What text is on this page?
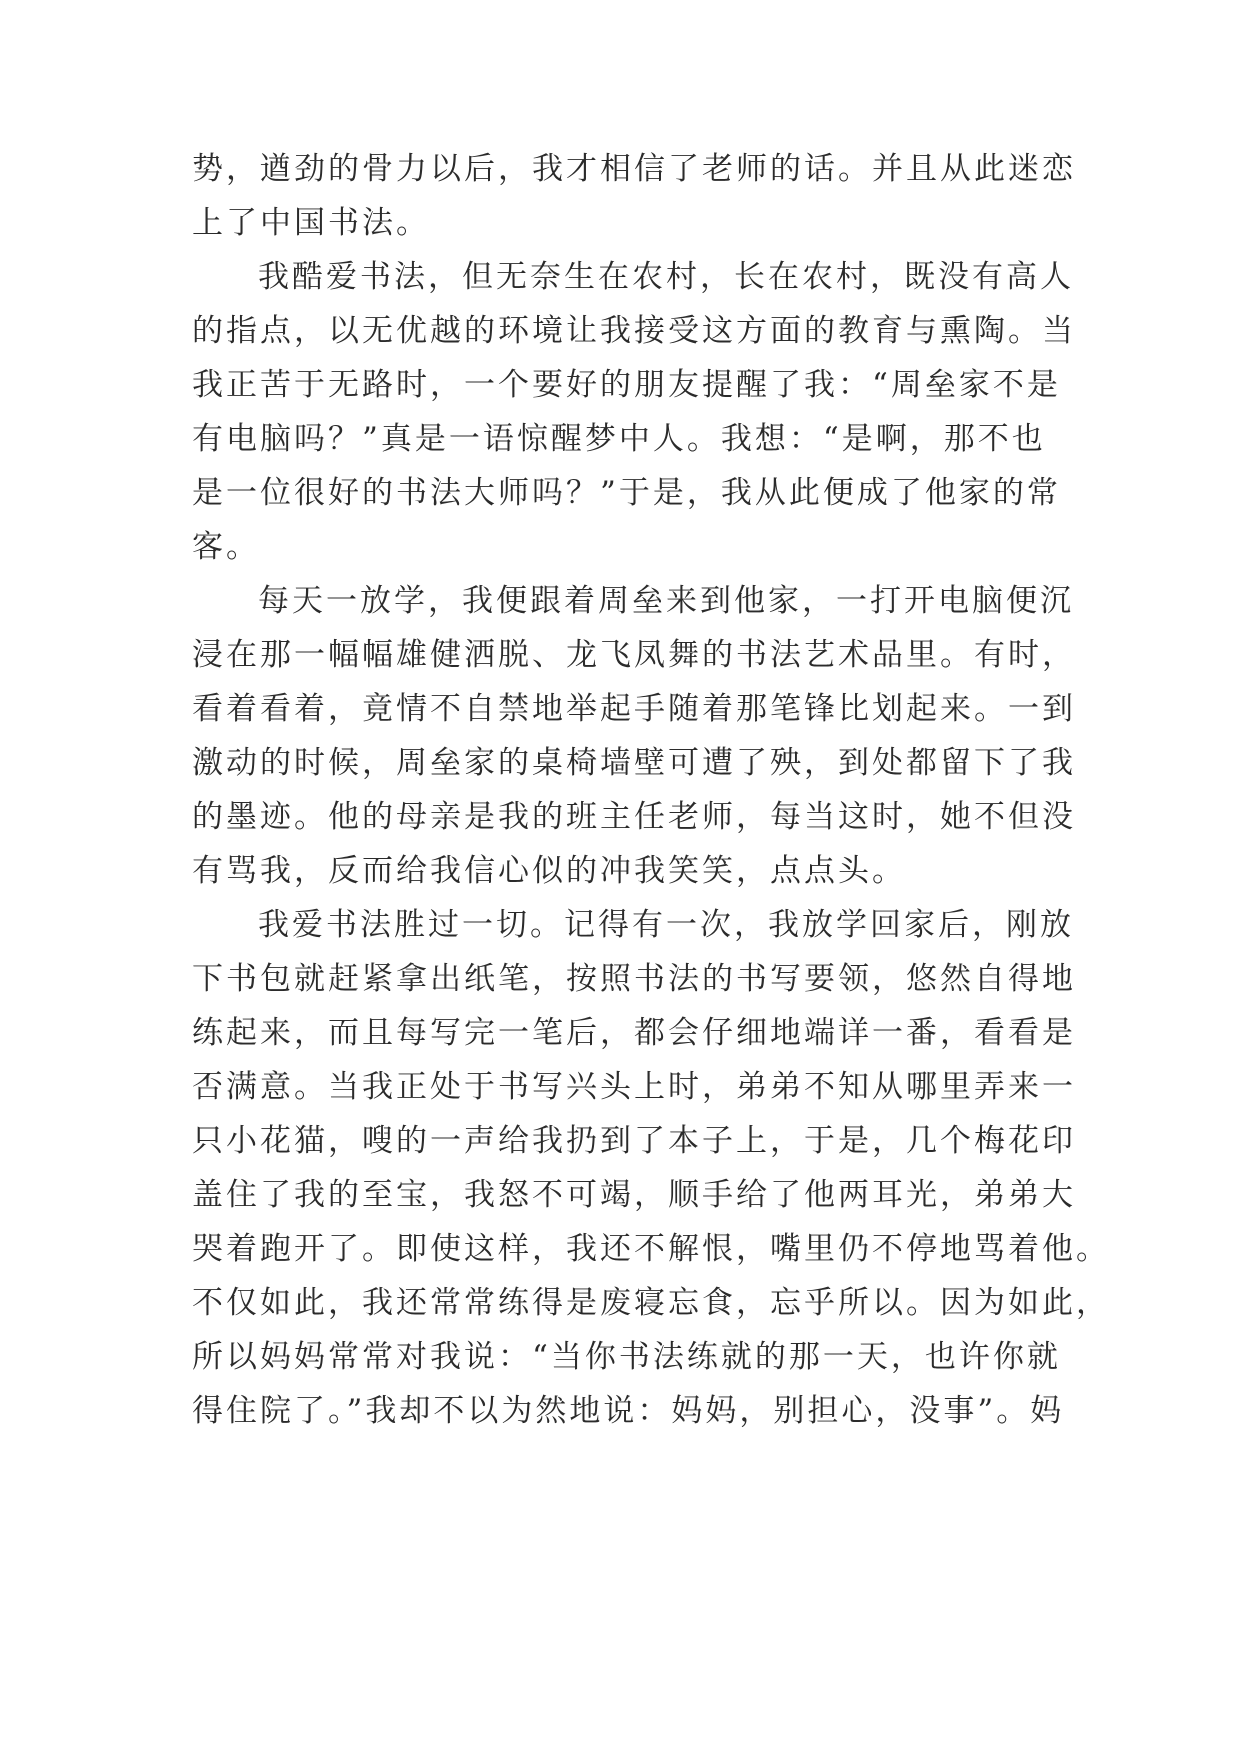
势，遒劲的骨力以后，我才相信了老师的话。并且从此迷恋
上了中国书法。
我酷爱书法，但无奈生在农村，长在农村，既没有高人
的指点，以无优越的环境让我接受这方面的教育与熏陶。当
我正苦于无路时，一个要好的朋友提醒了我：“周垒家不是
有电脑吗？”真是一语惊醒梦中人。我想：“是啊，那不也
是一位很好的书法大师吗？”于是，我从此便成了他家的常
客。
每天一放学，我便跟着周垒来到他家，一打开电脑便沉
浸在那一幅幅雄健洒脱、龙飞凤舞的书法艺术品里。有时，
看着看着，竟情不自禁地举起手随着那笔锋比划起来。一到
激动的时候，周垒家的桌椅墙壁可遭了殃，到处都留下了我
的墨迹。他的母亲是我的班主任老师，每当这时，她不但没
有骂我，反而给我信心似的冲我笑笑，点点头。
我爱书法胜过一切。记得有一次，我放学回家后，刚放
下书包就赶紧拿出纸笔，按照书法的书写要领，悠然自得地
练起来，而且每写完一笔后，都会仔细地端详一番，看看是
否满意。当我正处于书写兴头上时，弟弟不知从哪里弄来一
只小花猫，嗖的一声给我扔到了本子上，于是，几个梅花印
盖住了我的至宝，我怒不可竭，顺手给了他两耳光，弟弟大
哭着跑开了。即使这样，我还不解恨，嘴里仍不停地骂着他。
不仅如此，我还常常练得是废寝忘食，忘乎所以。因为如此，
所以妈妈常常对我说：“当你书法练就的那一天，也许你就
得住院了。”我却不以为然地说：妈妈，别担心，没事”。妈
